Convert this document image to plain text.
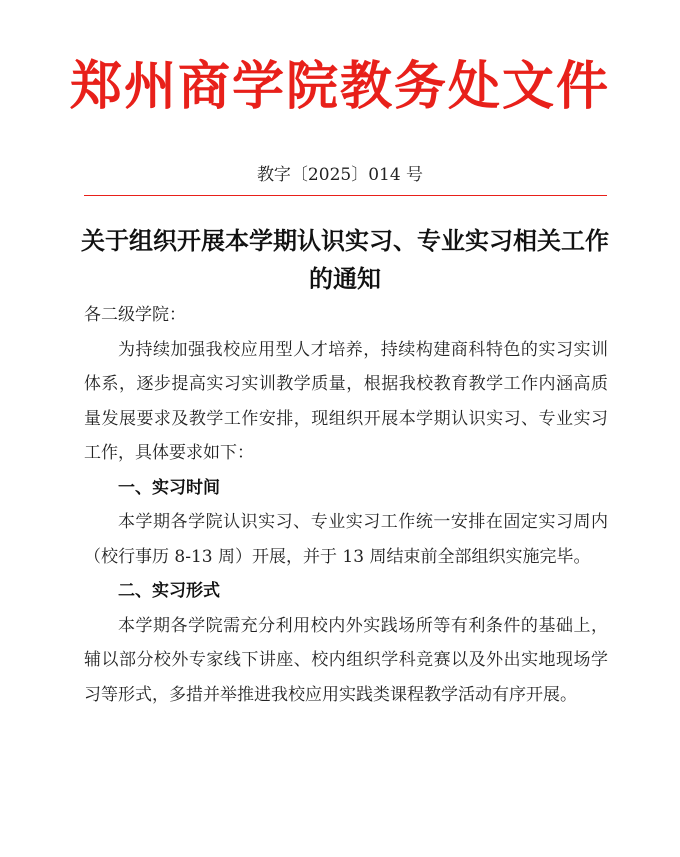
郑州商学院教务处文件
教字〔2025〕014 号
关于组织开展本学期认识实习、专业实习相关工作的通知

各二级学院：

为持续加强我校应用型人才培养，持续构建商科特色的实习实训体系，逐步提高实习实训教学质量，根据我校教育教学工作内涵高质量发展要求及教学工作安排，现组织开展本学期认识实习、专业实习工作，具体要求如下：

一、实习时间

本学期各学院认识实习、专业实习工作统一安排在固定实习周内（校行事历 8-13 周）开展，并于 13 周结束前全部组织实施完毕。

二、实习形式

本学期各学院需充分利用校内外实践场所等有利条件的基础上，辅以部分校外专家线下讲座、校内组织学科竞赛以及外出实地现场学习等形式，多措并举推进我校应用实践类课程教学活动有序开展。
